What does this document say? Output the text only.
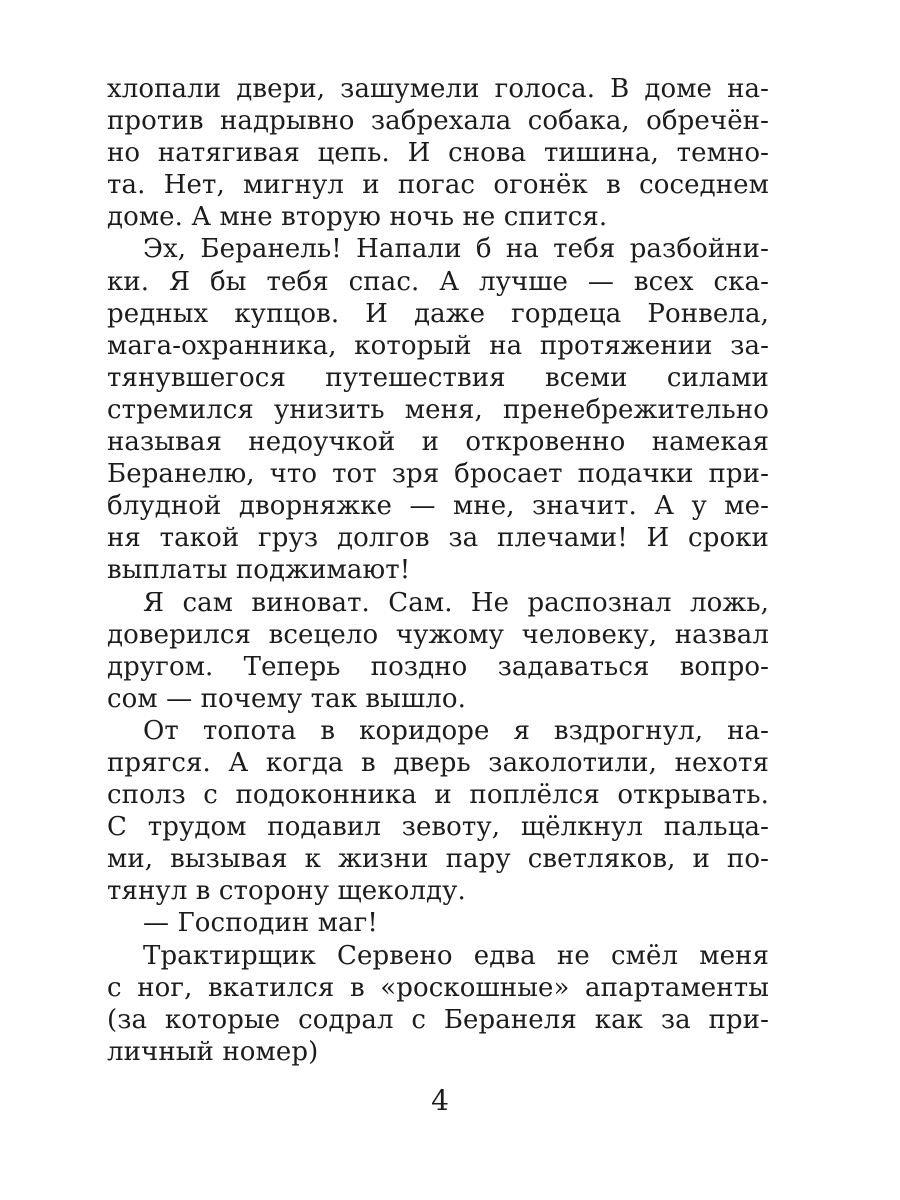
хлопали двери, зашумели голоса. В доме на-
против надрывно забрехала собака, обречён-
но натягивая цепь. И снова тишина, темно-
та. Нет, мигнул и погас огонёк в соседнем
доме. А мне вторую ночь не спится.
Эх, Беранель! Напали б на тебя разбойни-
ки. Я бы тебя спас. А лучше — всех ска-
редных купцов. И даже гордеца Ронвела,
мага-охранника, который на протяжении за-
тянувшегося путешествия всеми силами
стремился унизить меня, пренебрежительно
называя недоучкой и откровенно намекая
Беранелю, что тот зря бросает подачки при-
блудной дворняжке — мне, значит. А у ме-
ня такой груз долгов за плечами! И сроки
выплаты поджимают!
Я сам виноват. Сам. Не распознал ложь,
доверился всецело чужому человеку, назвал
другом. Теперь поздно задаваться вопро-
сом — почему так вышло.
От топота в коридоре я вздрогнул, на-
прягся. А когда в дверь заколотили, нехотя
сполз с подоконника и поплёлся открывать.
С трудом подавил зевоту, щёлкнул пальца-
ми, вызывая к жизни пару светляков, и по-
тянул в сторону щеколду.
— Господин маг!
Трактирщик Сервено едва не смёл меня
с ног, вкатился в «роскошные» апартаменты
(за которые содрал с Беранеля как за при-
личный номер)
4
